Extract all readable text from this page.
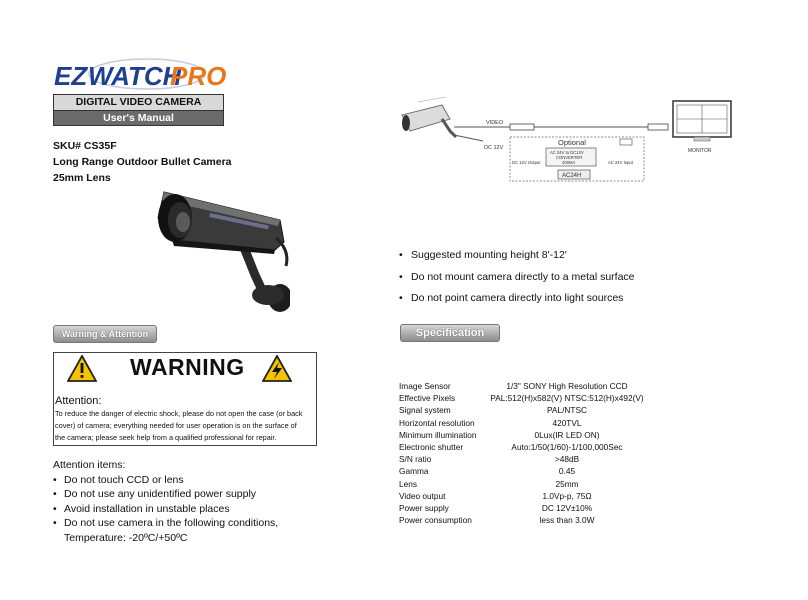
EZ WATCH
PRO
DIGITAL VIDEO CAMERA
User's Manual
SKU# CS35F
Long Range Outdoor Bullet Camera
25mm Lens
Warning & Attention
WARNING
Attention:
To reduce the danger of electric shock, please do not open the case (or back
cover) of camera; everything needed for user operation is on the surface of
the camera; please seek help from a qualified professional for repair.
Attention items:
• Do not touch CCD or lens
• Do not use any unidentified power supply
• Avoid installation in unstable places
• Do not use camera in the following conditions,
Temperature: -20ºC/+50ºC
VIDEO
DC 12V
Optional
AC 24V to DC12V
CONVERTER
400MA
DC 12V Output	AC 24V Input
AC24H
MONITOR
• Suggested mounting height 8'-12'
• Do not mount camera directly to a metal surface
• Do not point camera directly into light sources
Specification
Image Sensor	1/3" SONY High Resolution CCD
Effective Pixels	PAL:512(H)x582(V) NTSC:512(H)x492(V)
Signal system	PAL/NTSC
Horizontal resolution	420TVL
Minimum illumination	0Lux(IR LED ON)
Electronic shutter	Auto:1/50(1/60)-1/100,000Sec
S/N ratio	>48dB
Gamma	0.45
Lens	25mm
Video output	1.0Vp-p, 75Ω
Power supply	DC 12V±10%
Power consumption	less than 3.0W
